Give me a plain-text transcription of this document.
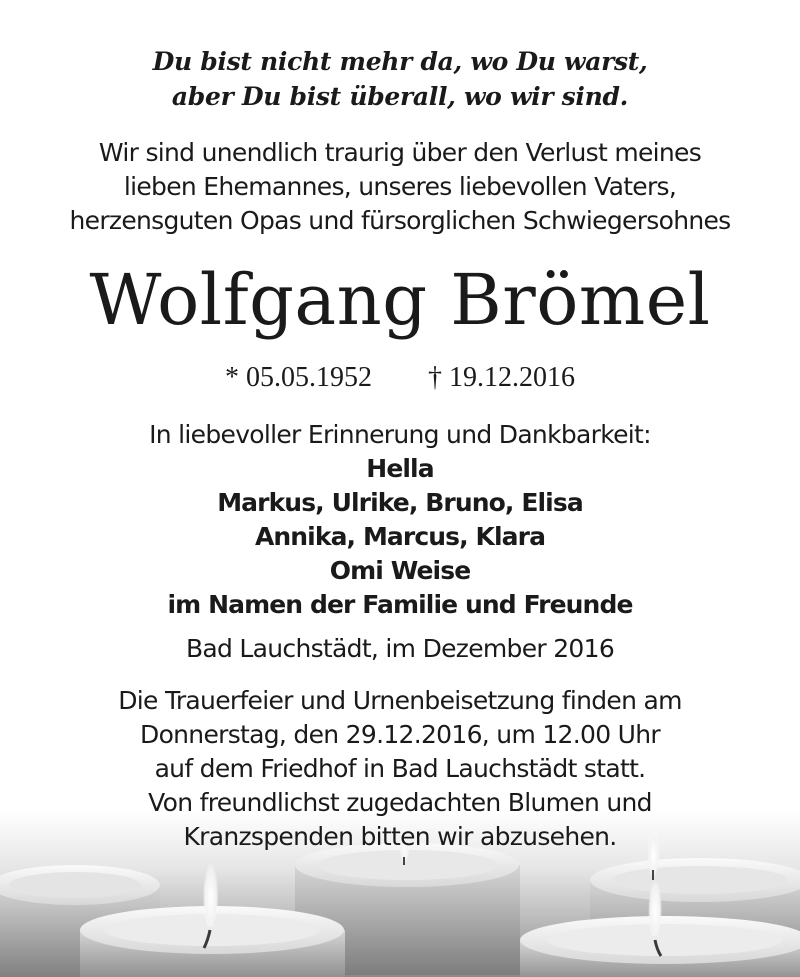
Du bist nicht mehr da, wo Du warst,
aber Du bist überall, wo wir sind.
Wir sind unendlich traurig über den Verlust meines
lieben Ehemannes, unseres liebevollen Vaters,
herzensguten Opas und fürsorglichen Schwiegersohnes
Wolfgang Brömel
* 05.05.1952 † 19.12.2016
In liebevoller Erinnerung und Dankbarkeit:
Hella
Markus, Ulrike, Bruno, Elisa
Annika, Marcus, Klara
Omi Weise
im Namen der Familie und Freunde
Bad Lauchstädt, im Dezember 2016
Die Trauerfeier und Urnenbeisetzung finden am
Donnerstag, den 29.12.2016, um 12.00 Uhr
auf dem Friedhof in Bad Lauchstädt statt.
Von freundlichst zugedachten Blumen und
Kranzspenden bitten wir abzusehen.
